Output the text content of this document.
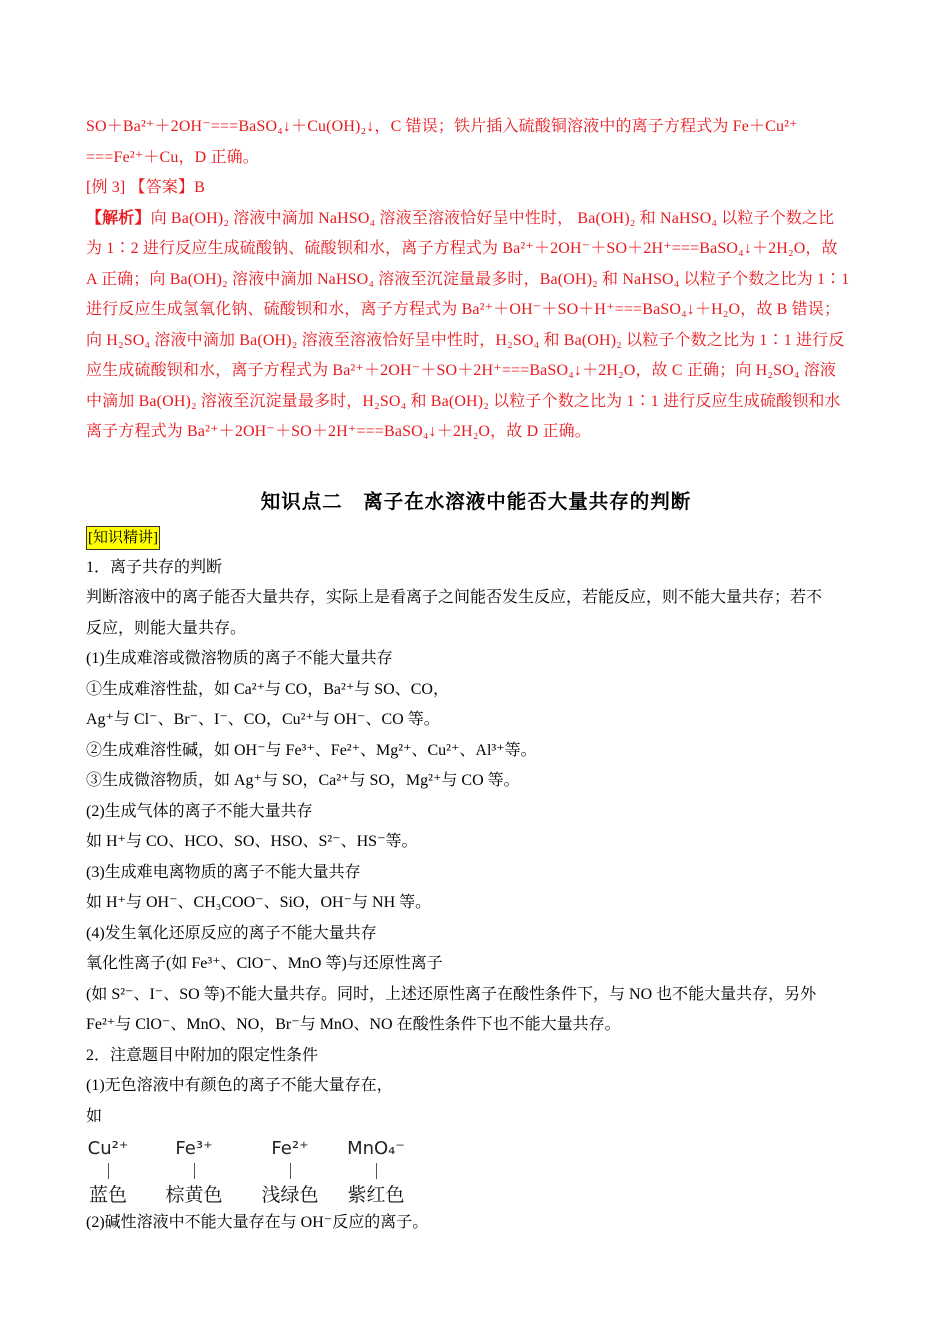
SO＋Ba²⁺＋2OH⁻===BaSO₄↓＋Cu(OH)₂↓，C 错误；铁片插入硫酸铜溶液中的离子方程式为 Fe＋Cu²⁺

===Fe²⁺＋Cu，D 正确。

[例 3] 【答案】B

【解析】向 Ba(OH)₂ 溶液中滴加 NaHSO₄ 溶液至溶液恰好呈中性时， Ba(OH)₂ 和 NaHSO₄ 以粒子个数之比

为 1∶2 进行反应生成硫酸钠、硫酸钡和水，离子方程式为 Ba²⁺＋2OH⁻＋SO＋2H⁺===BaSO₄↓＋2H₂O，故

A 正确；向 Ba(OH)₂ 溶液中滴加 NaHSO₄ 溶液至沉淀量最多时，Ba(OH)₂ 和 NaHSO₄ 以粒子个数之比为 1∶1

进行反应生成氢氧化钠、硫酸钡和水，离子方程式为 Ba²⁺＋OH⁻＋SO＋H⁺===BaSO₄↓＋H₂O，故 B 错误；

向 H₂SO₄ 溶液中滴加 Ba(OH)₂ 溶液至溶液恰好呈中性时，H₂SO₄ 和 Ba(OH)₂ 以粒子个数之比为 1∶1 进行反

应生成硫酸钡和水，离子方程式为 Ba²⁺＋2OH⁻＋SO＋2H⁺===BaSO₄↓＋2H₂O，故 C 正确；向 H₂SO₄ 溶液

中滴加 Ba(OH)₂ 溶液至沉淀量最多时，H₂SO₄ 和 Ba(OH)₂ 以粒子个数之比为 1∶1 进行反应生成硫酸钡和水

离子方程式为 Ba²⁺＋2OH⁻＋SO＋2H⁺===BaSO₄↓＋2H₂O，故 D 正确。

知识点二　离子在水溶液中能否大量共存的判断
[知识精讲]

1．离子共存的判断

判断溶液中的离子能否大量共存，实际上是看离子之间能否发生反应，若能反应，则不能大量共存；若不

反应，则能大量共存。

(1)生成难溶或微溶物质的离子不能大量共存

①生成难溶性盐，如 Ca²⁺与 CO，Ba²⁺与 SO、CO，

Ag⁺与 Cl⁻、Br⁻、I⁻、CO，Cu²⁺与 OH⁻、CO 等。

②生成难溶性碱，如 OH⁻与 Fe³⁺、Fe²⁺、Mg²⁺、Cu²⁺、Al³⁺等。

③生成微溶物质，如 Ag⁺与 SO，Ca²⁺与 SO，Mg²⁺与 CO 等。

(2)生成气体的离子不能大量共存

如 H⁺与 CO、HCO、SO、HSO、S²⁻、HS⁻等。

(3)生成难电离物质的离子不能大量共存

如 H⁺与 OH⁻、CH₃COO⁻、SiO，OH⁻与 NH 等。

(4)发生氧化还原反应的离子不能大量共存

氧化性离子(如 Fe³⁺、ClO⁻、MnO 等)与还原性离子

(如 S²⁻、I⁻、SO 等)不能大量共存。同时，上述还原性离子在酸性条件下，与 NO 也不能大量共存，另外

Fe²⁺与 ClO⁻、MnO、NO，Br⁻与 MnO、NO 在酸性条件下也不能大量共存。

2．注意题目中附加的限定性条件

(1)无色溶液中有颜色的离子不能大量存在，

如

Cu²⁺
蓝色
Fe³⁺
棕黄色
Fe²⁺
浅绿色
MnO₄⁻
紫红色

(2)碱性溶液中不能大量存在与 OH⁻反应的离子。
